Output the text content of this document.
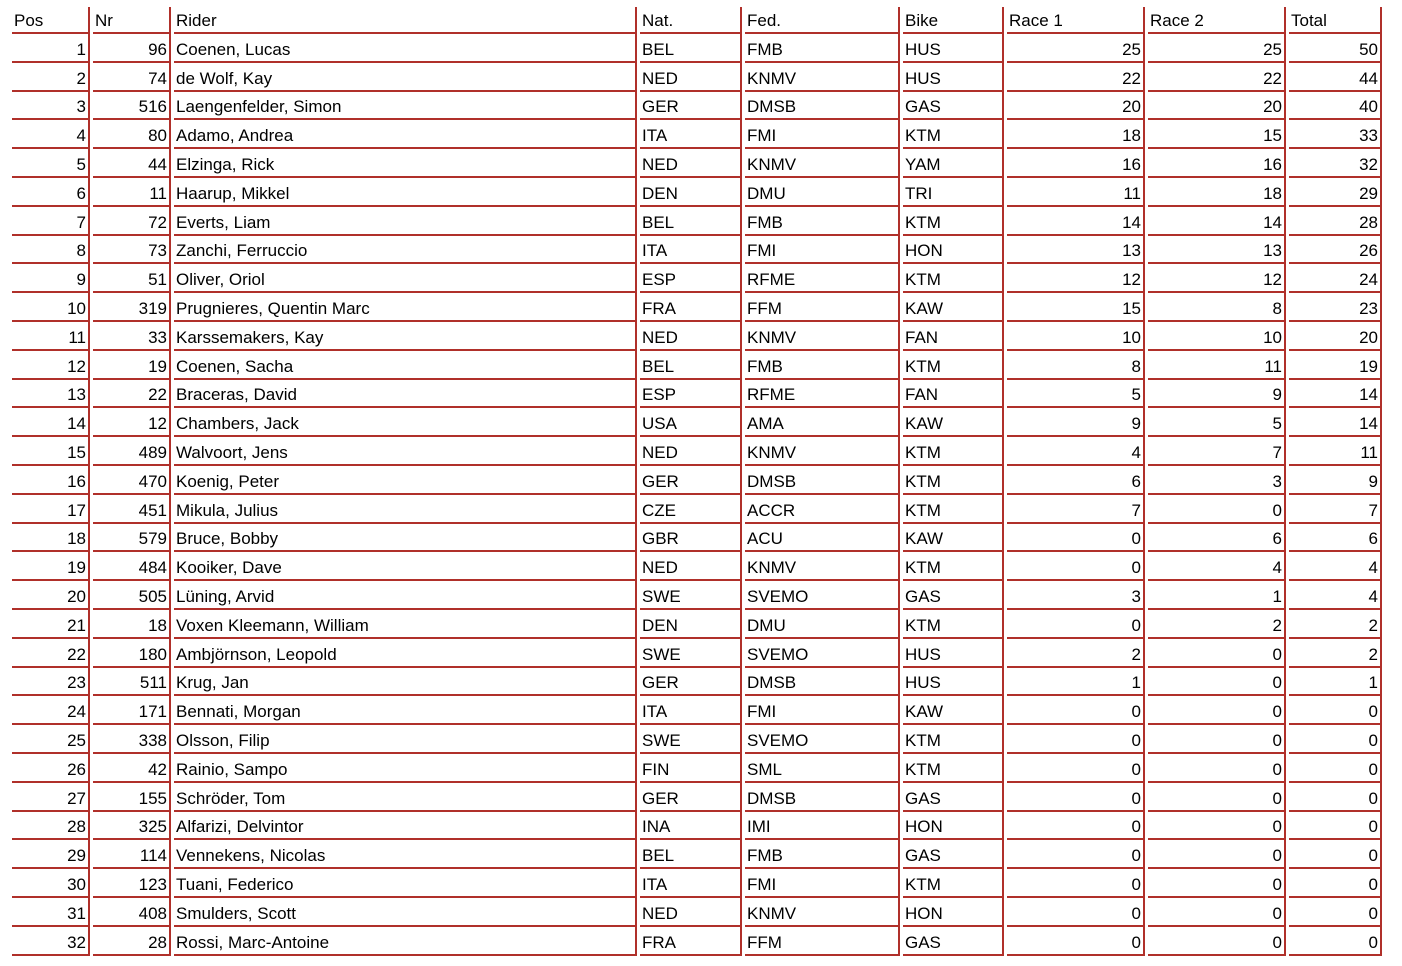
Pos	Nr	Rider	Nat.	Fed.	Bike	Race 1	Race 2	Total
1	96	Coenen, Lucas	BEL	FMB	HUS	25	25	50
2	74	de Wolf, Kay	NED	KNMV	HUS	22	22	44
3	516	Laengenfelder, Simon	GER	DMSB	GAS	20	20	40
4	80	Adamo, Andrea	ITA	FMI	KTM	18	15	33
5	44	Elzinga, Rick	NED	KNMV	YAM	16	16	32
6	11	Haarup, Mikkel	DEN	DMU	TRI	11	18	29
7	72	Everts, Liam	BEL	FMB	KTM	14	14	28
8	73	Zanchi, Ferruccio	ITA	FMI	HON	13	13	26
9	51	Oliver, Oriol	ESP	RFME	KTM	12	12	24
10	319	Prugnieres, Quentin Marc	FRA	FFM	KAW	15	8	23
11	33	Karssemakers, Kay	NED	KNMV	FAN	10	10	20
12	19	Coenen, Sacha	BEL	FMB	KTM	8	11	19
13	22	Braceras, David	ESP	RFME	FAN	5	9	14
14	12	Chambers, Jack	USA	AMA	KAW	9	5	14
15	489	Walvoort, Jens	NED	KNMV	KTM	4	7	11
16	470	Koenig, Peter	GER	DMSB	KTM	6	3	9
17	451	Mikula, Julius	CZE	ACCR	KTM	7	0	7
18	579	Bruce, Bobby	GBR	ACU	KAW	0	6	6
19	484	Kooiker, Dave	NED	KNMV	KTM	0	4	4
20	505	Lüning, Arvid	SWE	SVEMO	GAS	3	1	4
21	18	Voxen Kleemann, William	DEN	DMU	KTM	0	2	2
22	180	Ambjörnson, Leopold	SWE	SVEMO	HUS	2	0	2
23	511	Krug, Jan	GER	DMSB	HUS	1	0	1
24	171	Bennati, Morgan	ITA	FMI	KAW	0	0	0
25	338	Olsson, Filip	SWE	SVEMO	KTM	0	0	0
26	42	Rainio, Sampo	FIN	SML	KTM	0	0	0
27	155	Schröder, Tom	GER	DMSB	GAS	0	0	0
28	325	Alfarizi, Delvintor	INA	IMI	HON	0	0	0
29	114	Vennekens, Nicolas	BEL	FMB	GAS	0	0	0
30	123	Tuani, Federico	ITA	FMI	KTM	0	0	0
31	408	Smulders, Scott	NED	KNMV	HON	0	0	0
32	28	Rossi, Marc-Antoine	FRA	FFM	GAS	0	0	0
